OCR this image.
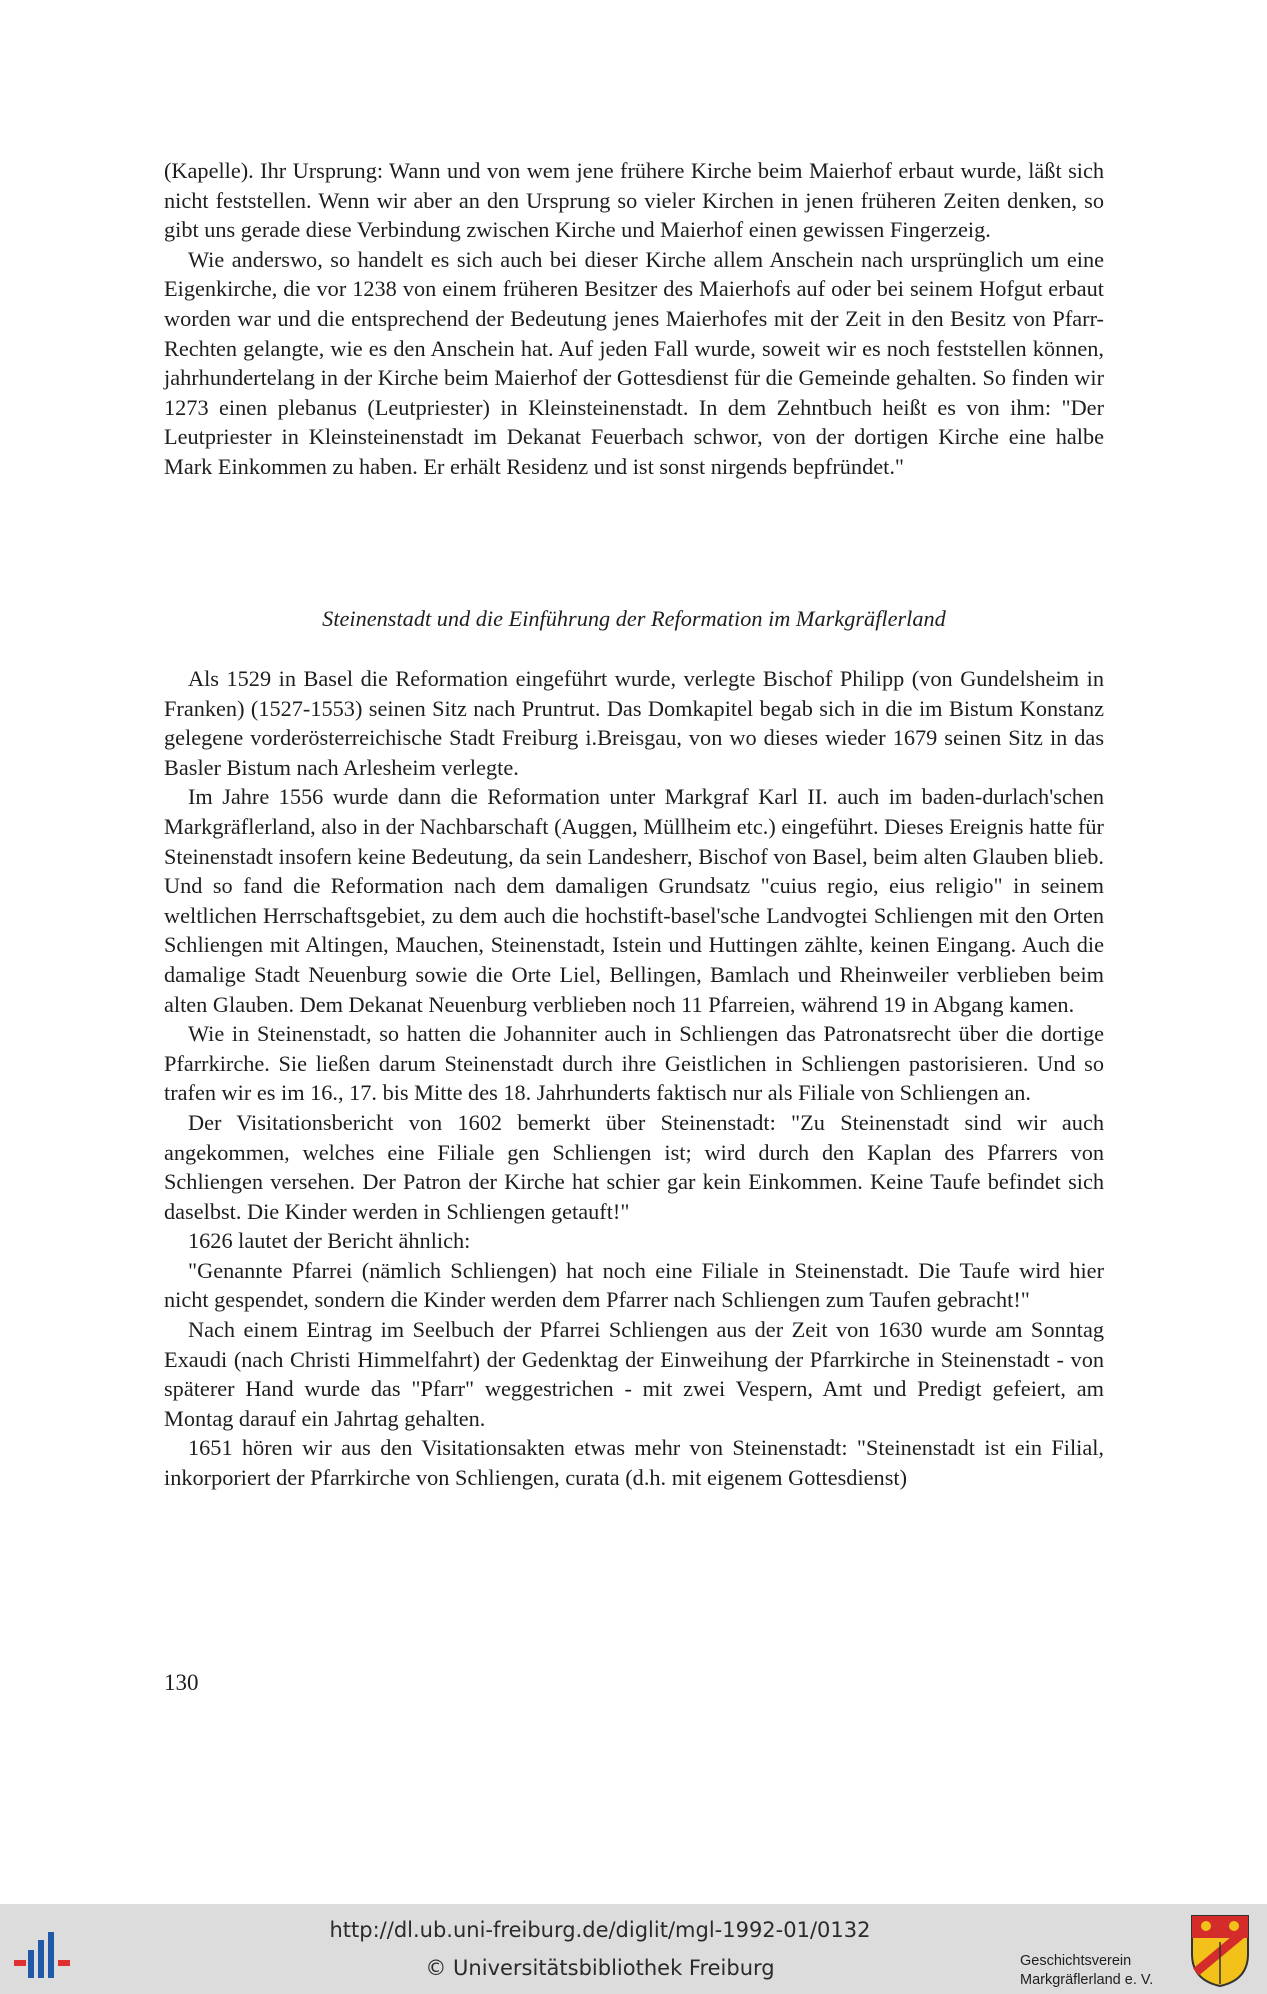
(Kapelle). Ihr Ursprung: Wann und von wem jene frühere Kirche beim Maierhof erbaut wurde, läßt sich nicht feststellen. Wenn wir aber an den Ursprung so vieler Kirchen in jenen früheren Zeiten denken, so gibt uns gerade diese Verbindung zwischen Kirche und Maierhof einen gewissen Fingerzeig.

Wie anderswo, so handelt es sich auch bei dieser Kirche allem Anschein nach ursprünglich um eine Eigenkirche, die vor 1238 von einem früheren Besitzer des Maierhofs auf oder bei seinem Hofgut erbaut worden war und die entsprechend der Bedeutung jenes Maierhofes mit der Zeit in den Besitz von Pfarr-Rechten gelangte, wie es den Anschein hat. Auf jeden Fall wurde, soweit wir es noch feststellen können, jahrhundertelang in der Kirche beim Maierhof der Gottesdienst für die Gemeinde gehalten. So finden wir 1273 einen plebanus (Leutpriester) in Kleinsteinenstadt. In dem Zehntbuch heißt es von ihm: "Der Leutpriester in Kleinsteinenstadt im Dekanat Feuerbach schwor, von der dortigen Kirche eine halbe Mark Einkommen zu haben. Er erhält Residenz und ist sonst nirgends bepfründet."

Steinenstadt und die Einführung der Reformation im Markgräflerland

Als 1529 in Basel die Reformation eingeführt wurde, verlegte Bischof Philipp (von Gundelsheim in Franken) (1527-1553) seinen Sitz nach Pruntrut. Das Domkapitel begab sich in die im Bistum Konstanz gelegene vorderösterreichische Stadt Freiburg i.Breisgau, von wo dieses wieder 1679 seinen Sitz in das Basler Bistum nach Arlesheim verlegte.

Im Jahre 1556 wurde dann die Reformation unter Markgraf Karl II. auch im baden-durlach'schen Markgräflerland, also in der Nachbarschaft (Auggen, Müllheim etc.) eingeführt. Dieses Ereignis hatte für Steinenstadt insofern keine Bedeutung, da sein Landesherr, Bischof von Basel, beim alten Glauben blieb. Und so fand die Reformation nach dem damaligen Grundsatz "cuius regio, eius religio" in seinem weltlichen Herrschaftsgebiet, zu dem auch die hochstift-basel'sche Landvogtei Schliengen mit den Orten Schliengen mit Altingen, Mauchen, Steinenstadt, Istein und Huttingen zählte, keinen Eingang. Auch die damalige Stadt Neuenburg sowie die Orte Liel, Bellingen, Bamlach und Rheinweiler verblieben beim alten Glauben. Dem Dekanat Neuenburg verblieben noch 11 Pfarreien, während 19 in Abgang kamen.

Wie in Steinenstadt, so hatten die Johanniter auch in Schliengen das Patronatsrecht über die dortige Pfarrkirche. Sie ließen darum Steinenstadt durch ihre Geistlichen in Schliengen pastorisieren. Und so trafen wir es im 16., 17. bis Mitte des 18. Jahrhunderts faktisch nur als Filiale von Schliengen an.

Der Visitationsbericht von 1602 bemerkt über Steinenstadt: "Zu Steinenstadt sind wir auch angekommen, welches eine Filiale gen Schliengen ist; wird durch den Kaplan des Pfarrers von Schliengen versehen. Der Patron der Kirche hat schier gar kein Einkommen. Keine Taufe befindet sich daselbst. Die Kinder werden in Schliengen getauft!"

1626 lautet der Bericht ähnlich:

"Genannte Pfarrei (nämlich Schliengen) hat noch eine Filiale in Steinenstadt. Die Taufe wird hier nicht gespendet, sondern die Kinder werden dem Pfarrer nach Schliengen zum Taufen gebracht!"

Nach einem Eintrag im Seelbuch der Pfarrei Schliengen aus der Zeit von 1630 wurde am Sonntag Exaudi (nach Christi Himmelfahrt) der Gedenktag der Einweihung der Pfarrkirche in Steinenstadt - von späterer Hand wurde das "Pfarr" weggestrichen - mit zwei Vespern, Amt und Predigt gefeiert, am Montag darauf ein Jahrtag gehalten.

1651 hören wir aus den Visitationsakten etwas mehr von Steinenstadt: "Steinenstadt ist ein Filial, inkorporiert der Pfarrkirche von Schliengen, curata (d.h. mit eigenem Gottesdienst)

130
http://dl.ub.uni-freiburg.de/diglit/mgl-1992-01/0132
© Universitätsbibliothek Freiburg	Geschichtsverein
Markgräflerland e. V.
